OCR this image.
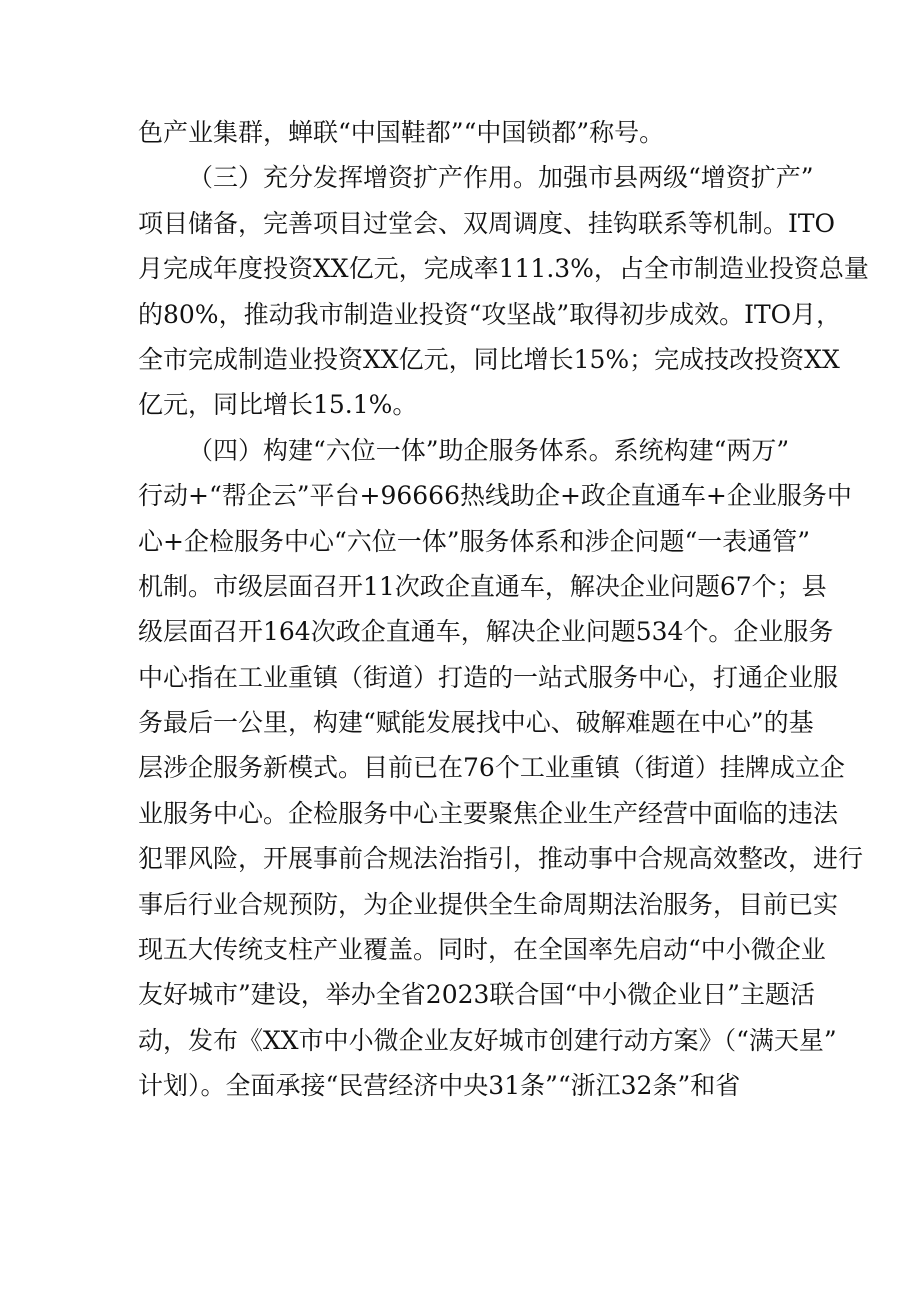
色产业集群，蝉联“中国鞋都”“中国锁都”称号。
（三）充分发挥增资扩产作用。加强市县两级“增资扩产”
项目储备，完善项目过堂会、双周调度、挂钩联系等机制。ITO
月完成年度投资XX亿元，完成率111.3%，占全市制造业投资总量
的80%，推动我市制造业投资“攻坚战”取得初步成效。ITO月，
全市完成制造业投资XX亿元，同比增长15%；完成技改投资XX
亿元，同比增长15.1%。
（四）构建“六位一体”助企服务体系。系统构建“两万”
行动+“帮企云”平台+96666热线助企+政企直通车+企业服务中
心+企检服务中心“六位一体”服务体系和涉企问题“一表通管”
机制。市级层面召开11次政企直通车，解决企业问题67个；县
级层面召开164次政企直通车，解决企业问题534个。企业服务
中心指在工业重镇（街道）打造的一站式服务中心，打通企业服
务最后一公里，构建“赋能发展找中心、破解难题在中心”的基
层涉企服务新模式。目前已在76个工业重镇（街道）挂牌成立企
业服务中心。企检服务中心主要聚焦企业生产经营中面临的违法
犯罪风险，开展事前合规法治指引，推动事中合规高效整改，进行
事后行业合规预防，为企业提供全生命周期法治服务，目前已实
现五大传统支柱产业覆盖。同时，在全国率先启动“中小微企业
友好城市”建设，举办全省2023联合国“中小微企业日”主题活
动，发布《XX市中小微企业友好城市创建行动方案》（“满天星”
计划）。全面承接“民营经济中央31条”“浙江32条”和省
